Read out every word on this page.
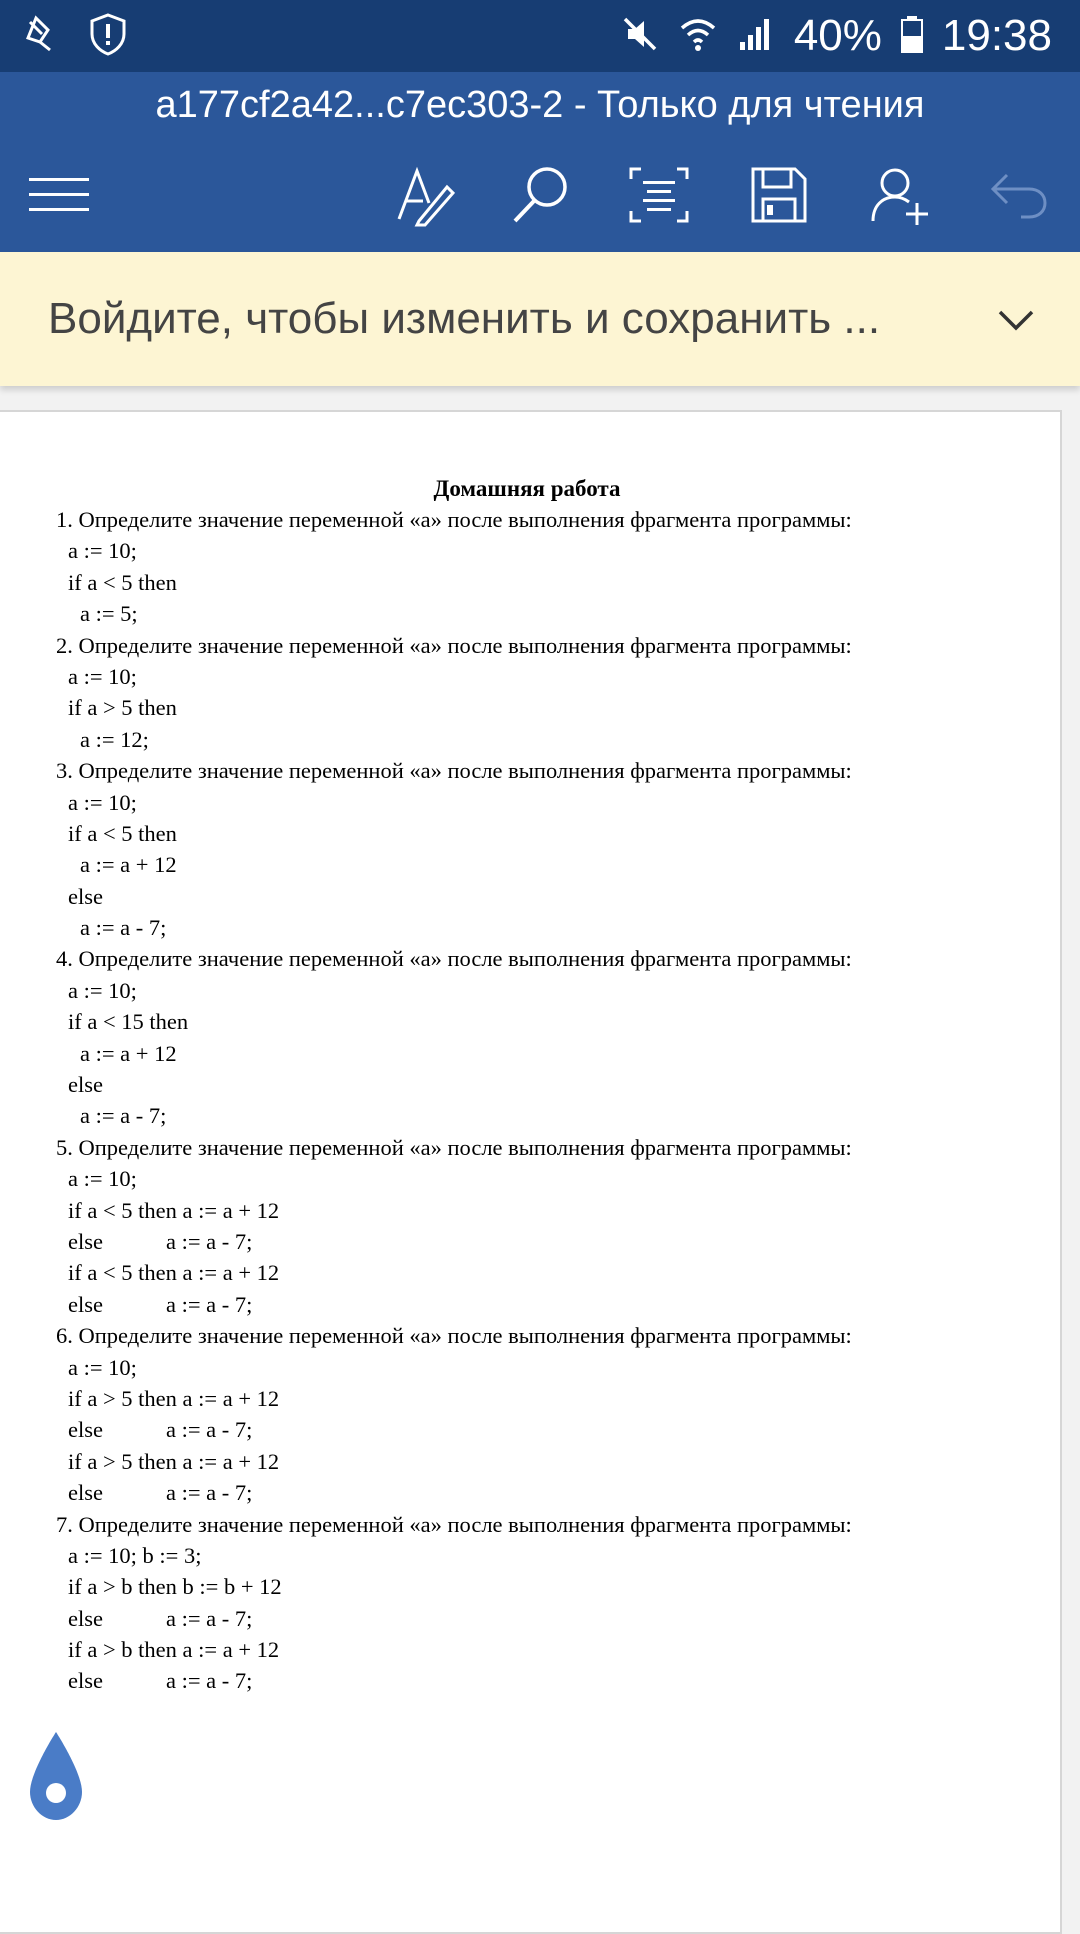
40% 19:38
a177cf2a42...c7ec303-2 - Только для чтения
Войдите, чтобы изменить и сохранить ...
Домашняя работа
1. Определите значение переменной «а» после выполнения фрагмента программы:
a := 10;
if a < 5 then
a := 5;
2. Определите значение переменной «а» после выполнения фрагмента программы:
a := 10;
if a > 5 then
a := 12;
3. Определите значение переменной «а» после выполнения фрагмента программы:
a := 10;
if a < 5 then
a := a + 12
else
a := a - 7;
4. Определите значение переменной «а» после выполнения фрагмента программы:
a := 10;
if a < 15 then
a := a + 12
else
a := a - 7;
5. Определите значение переменной «а» после выполнения фрагмента программы:
a := 10;
if a < 5 then a := a + 12
else	a := a - 7;
if a < 5 then a := a + 12
else	a := a - 7;
6. Определите значение переменной «а» после выполнения фрагмента программы:
a := 10;
if a > 5 then a := a + 12
else	a := a - 7;
if a > 5 then a := a + 12
else	a := a - 7;
7. Определите значение переменной «а» после выполнения фрагмента программы:
a := 10; b := 3;
if a > b then b := b + 12
else	a := a - 7;
if a > b then a := a + 12
else	a := a - 7;
